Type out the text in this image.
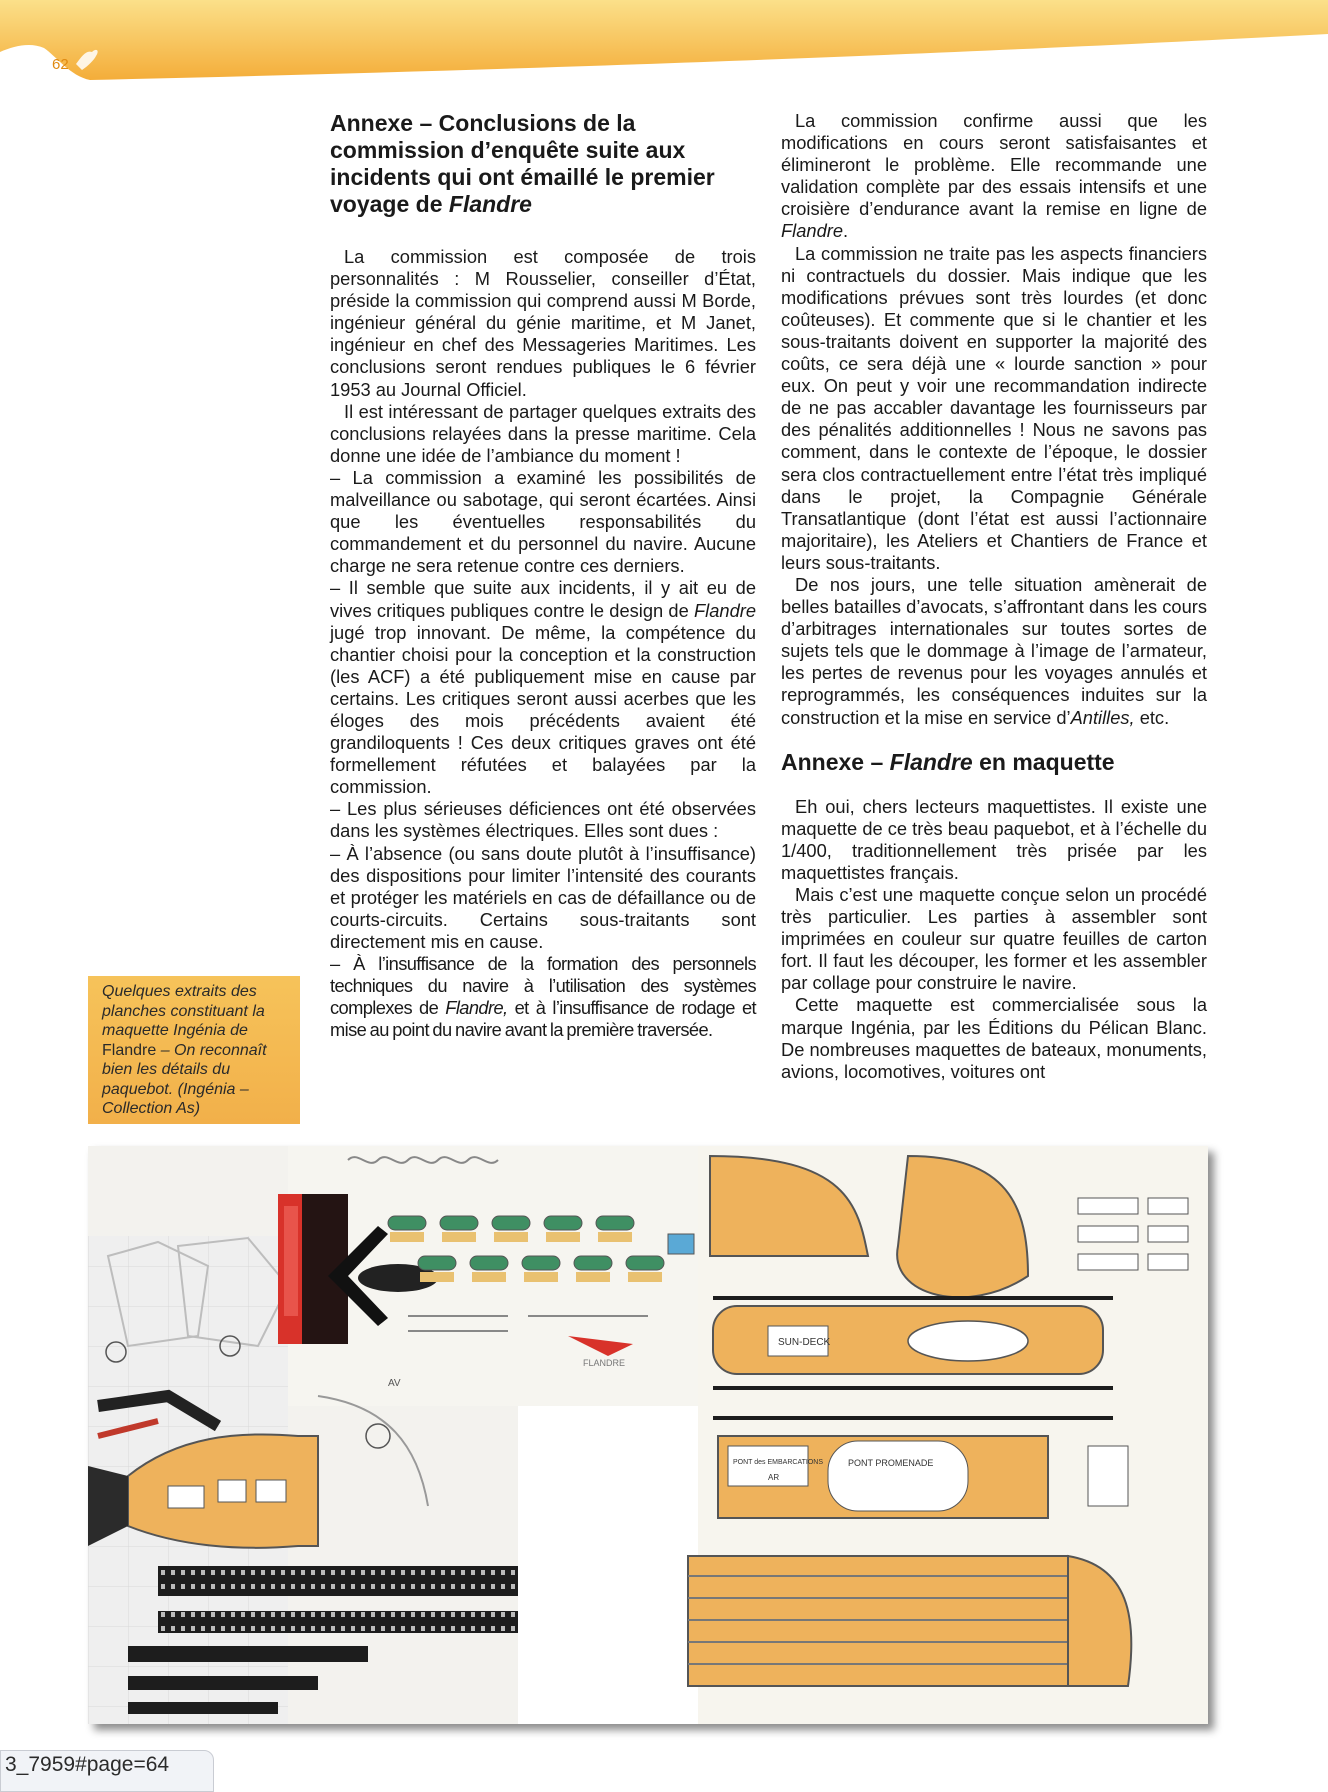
62
Annexe – Conclusions de la commission d’enquête suite aux incidents qui ont émaillé le premier voyage de Flandre

La commission est composée de trois personnalités : M Rousselier, conseiller d’État, préside la commission qui comprend aussi M Borde, ingénieur général du génie maritime, et M Janet, ingénieur en chef des Messageries Maritimes. Les conclusions seront rendues publiques le 6 février 1953 au Journal Officiel.

Il est intéressant de partager quelques extraits des conclusions relayées dans la presse maritime. Cela donne une idée de l’ambiance du moment !

– La commission a examiné les possibilités de malveillance ou sabotage, qui seront écartées. Ainsi que les éventuelles responsabilités du commandement et du personnel du navire. Aucune charge ne sera retenue contre ces derniers.

– Il semble que suite aux incidents, il y ait eu de vives critiques publiques contre le design de Flandre jugé trop innovant. De même, la compétence du chantier choisi pour la conception et la construction (les ACF) a été publiquement mise en cause par certains. Les critiques seront aussi acerbes que les éloges des mois précédents avaient été grandiloquents ! Ces deux critiques graves ont été formellement réfutées et balayées par la commission.

– Les plus sérieuses déficiences ont été observées dans les systèmes électriques. Elles sont dues :

– À l’absence (ou sans doute plutôt à l’insuffisance) des dispositions pour limiter l’intensité des courants et protéger les matériels en cas de défaillance ou de courts-circuits. Certains sous-traitants sont directement mis en cause.

– À l’insuffisance de la formation des personnels techniques du navire à l’utilisation des systèmes complexes de Flandre, et à l’insuffisance de rodage et mise au point du navire avant la première traversée.

La commission confirme aussi que les modifications en cours seront satisfaisantes et élimineront le problème. Elle recommande une validation complète par des essais intensifs et une croisière d’endurance avant la remise en ligne de Flandre.

La commission ne traite pas les aspects financiers ni contractuels du dossier. Mais indique que les modifications prévues sont très lourdes (et donc coûteuses). Et commente que si le chantier et les sous-traitants doivent en supporter la majorité des coûts, ce sera déjà une « lourde sanction » pour eux. On peut y voir une recommandation indirecte de ne pas accabler davantage les fournisseurs par des pénalités additionnelles ! Nous ne savons pas comment, dans le contexte de l’époque, le dossier sera clos contractuellement entre l’état très impliqué dans le projet, la Compagnie Générale Transatlantique (dont l’état est aussi l’actionnaire majoritaire), les Ateliers et Chantiers de France et leurs sous-traitants.

De nos jours, une telle situation amènerait de belles batailles d’avocats, s’affrontant dans les cours d’arbitrages internationales sur toutes sortes de sujets tels que le dommage à l’image de l’armateur, les pertes de revenus pour les voyages annulés et reprogrammés, les conséquences induites sur la construction et la mise en service d’Antilles, etc.

Annexe – Flandre en maquette

Eh oui, chers lecteurs maquettistes. Il existe une maquette de ce très beau paquebot, et à l’échelle du 1/400, traditionnellement très prisée par les maquettistes français.

Mais c’est une maquette conçue selon un procédé très particulier. Les parties à assembler sont imprimées en couleur sur quatre feuilles de carton fort. Il faut les découper, les former et les assembler par collage pour construire le navire.

Cette maquette est commercialisée sous la marque Ingénia, par les Éditions du Pélican Blanc. De nombreuses maquettes de bateaux, monuments, avions, locomotives, voitures ont

Quelques extraits des planches constituant la maquette Ingénia de Flandre – On reconnaît bien les détails du paquebot. (Ingénia – Collection As)
FLANDRE
AV
SUN-DECK
PONT PROMENADE
PONT des EMBARCATIONS
AR
3_7959#page=64
